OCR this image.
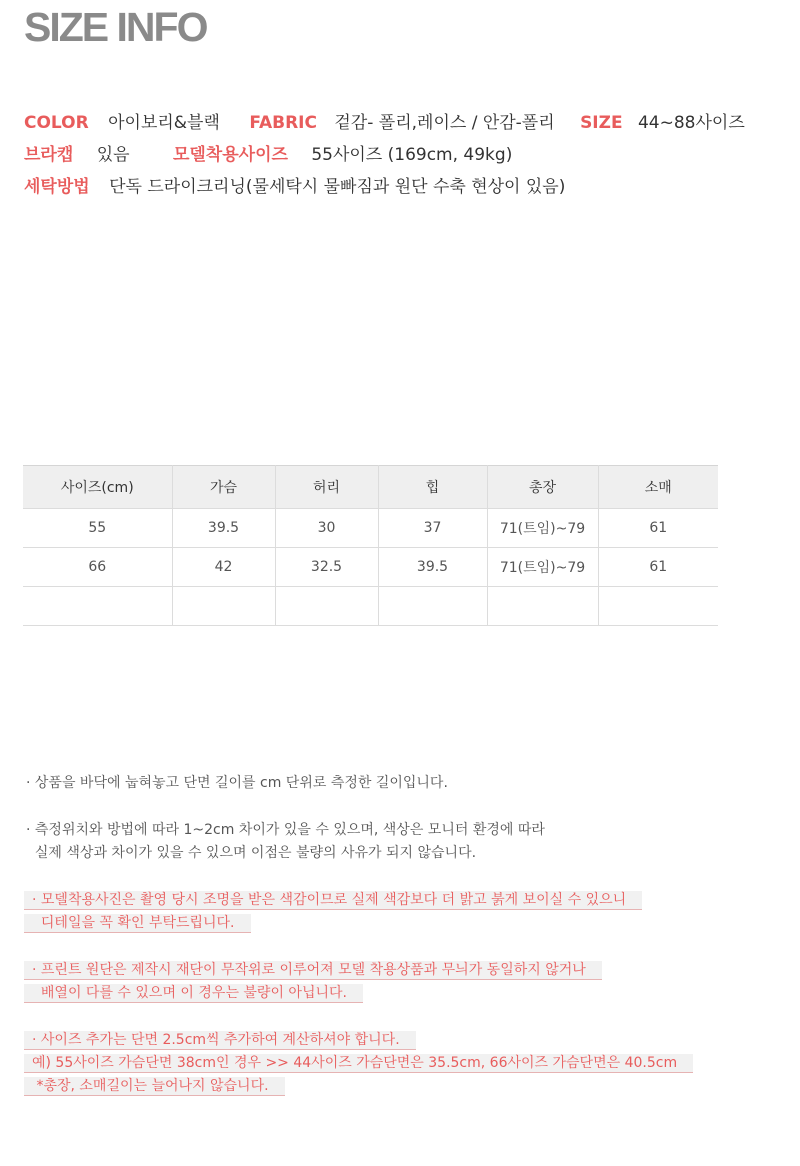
SIZE INFO
COLOR 아이보리&블랙 FABRIC 겉감- 폴리,레이스 / 안감-폴리 SIZE 44~88사이즈
브라캡 있음	모델착용사이즈 55사이즈 (169cm, 49kg)
세탁방법 단독 드라이크리닝(물세탁시 물빠짐과 원단 수축 현상이 있음)
사이즈(cm)	가슴	허리	힙	총장	소매
55	39.5	30	37	71(트임)~79	61
66	42	32.5	39.5	71(트임)~79	61

· 상품을 바닥에 눕혀놓고 단면 길이를 cm 단위로 측정한 길이입니다.
· 측정위치와 방법에 따라 1~2cm 차이가 있을 수 있으며, 색상은 모니터 환경에 따라
실제 색상과 차이가 있을 수 있으며 이점은 불량의 사유가 되지 않습니다.
· 모델착용사진은 촬영 당시 조명을 받은 색감이므로 실제 색감보다 더 밝고 붉게 보이실 수 있으니
디테일을 꼭 확인 부탁드립니다.
· 프린트 원단은 제작시 재단이 무작위로 이루어져 모델 착용상품과 무늬가 동일하지 않거나
배열이 다를 수 있으며 이 경우는 불량이 아닙니다.
· 사이즈 추가는 단면 2.5cm씩 추가하여 계산하셔야 합니다.
예) 55사이즈 가슴단면 38cm인 경우 >> 44사이즈 가슴단면은 35.5cm, 66사이즈 가슴단면은 40.5cm
*총장, 소매길이는 늘어나지 않습니다.
